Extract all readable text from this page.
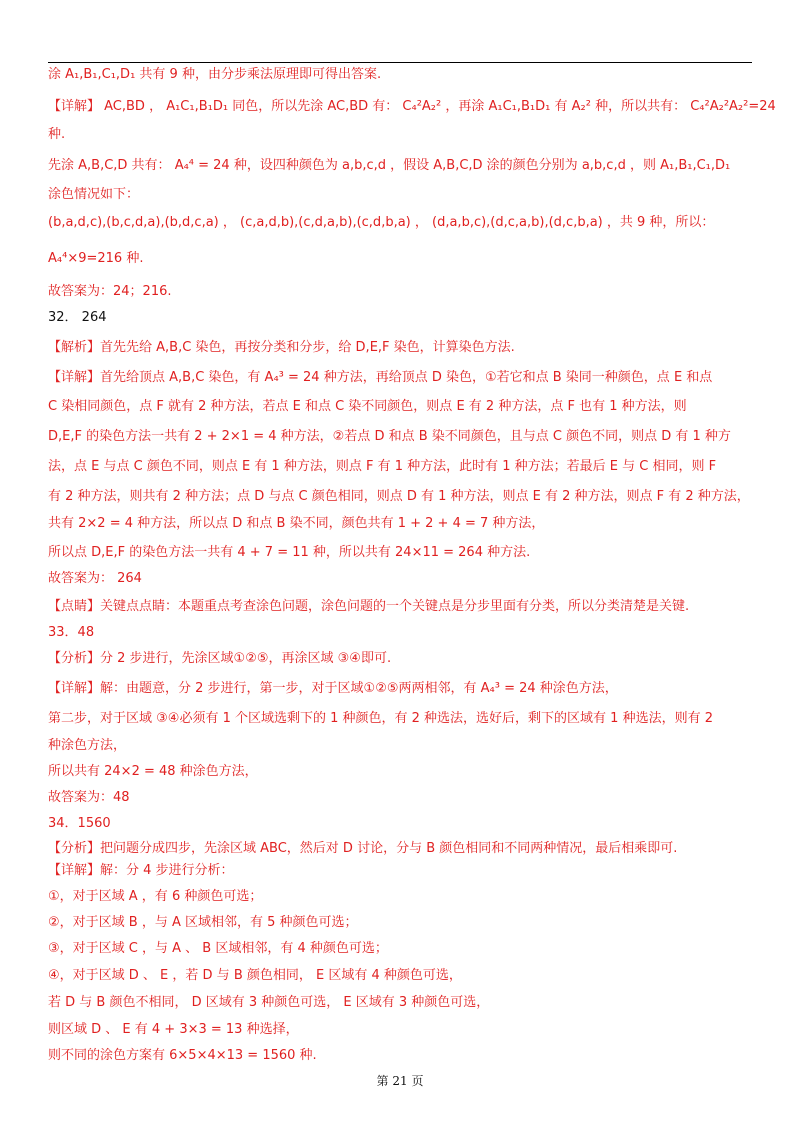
涂 A₁,B₁,C₁,D₁ 共有 9 种，由分步乘法原理即可得出答案.
【详解】 AC,BD ， A₁C₁,B₁D₁ 同色，所以先涂 AC,BD 有： C₄²A₂² ，再涂 A₁C₁,B₁D₁ 有 A₂² 种，所以共有： C₄²A₂²A₂²=24
种.
先涂 A,B,C,D 共有： A₄⁴ = 24 种，设四种颜色为 a,b,c,d ，假设 A,B,C,D 涂的颜色分别为 a,b,c,d ，则 A₁,B₁,C₁,D₁
涂色情况如下：
(b,a,d,c),(b,c,d,a),(b,d,c,a) ， (c,a,d,b),(c,d,a,b),(c,d,b,a) ， (d,a,b,c),(d,c,a,b),(d,c,b,a) ，共 9 种，所以：
A₄⁴×9=216 种.
故答案为：24；216.
32． 264
【解析】首先先给 A,B,C 染色，再按分类和分步，给 D,E,F 染色，计算染色方法.
【详解】首先给顶点 A,B,C 染色，有 A₄³ = 24 种方法，再给顶点 D 染色，①若它和点 B 染同一种颜色，点 E 和点
C 染相同颜色，点 F 就有 2 种方法，若点 E 和点 C 染不同颜色，则点 E 有 2 种方法，点 F 也有 1 种方法，则
D,E,F 的染色方法一共有 2 + 2×1 = 4 种方法，②若点 D 和点 B 染不同颜色，且与点 C 颜色不同，则点 D 有 1 种方
法，点 E 与点 C 颜色不同，则点 E 有 1 种方法，则点 F 有 1 种方法，此时有 1 种方法；若最后 E 与 C 相同，则 F
有 2 种方法，则共有 2 种方法；点 D 与点 C 颜色相同，则点 D 有 1 种方法，则点 E 有 2 种方法，则点 F 有 2 种方法，
共有 2×2 = 4 种方法，所以点 D 和点 B 染不同，颜色共有 1 + 2 + 4 = 7 种方法，
所以点 D,E,F 的染色方法一共有 4 + 7 = 11 种，所以共有 24×11 = 264 种方法.
故答案为： 264
【点睛】关键点点睛：本题重点考查涂色问题，涂色问题的一个关键点是分步里面有分类，所以分类清楚是关键.
33．48
【分析】分 2 步进行，先涂区域①②⑤，再涂区域 ③④即可.
【详解】解：由题意，分 2 步进行，第一步，对于区域①②⑤两两相邻，有 A₄³ = 24 种涂色方法，
第二步，对于区域 ③④必须有 1 个区域选剩下的 1 种颜色，有 2 种选法，选好后，剩下的区域有 1 种选法，则有 2
种涂色方法，
所以共有 24×2 = 48 种涂色方法，
故答案为：48
34．1560
【分析】把问题分成四步，先涂区域 ABC，然后对 D 讨论，分与 B 颜色相同和不同两种情况，最后相乘即可.
【详解】解：分 4 步进行分析：
①，对于区域 A ，有 6 种颜色可选；
②，对于区域 B ，与 A 区域相邻，有 5 种颜色可选；
③，对于区域 C ，与 A 、 B 区域相邻，有 4 种颜色可选；
④，对于区域 D 、 E ，若 D 与 B 颜色相同， E 区域有 4 种颜色可选，
若 D 与 B 颜色不相同， D 区域有 3 种颜色可选， E 区域有 3 种颜色可选，
则区域 D 、 E 有 4 + 3×3 = 13 种选择，
则不同的涂色方案有 6×5×4×13 = 1560 种.
第 21 页
